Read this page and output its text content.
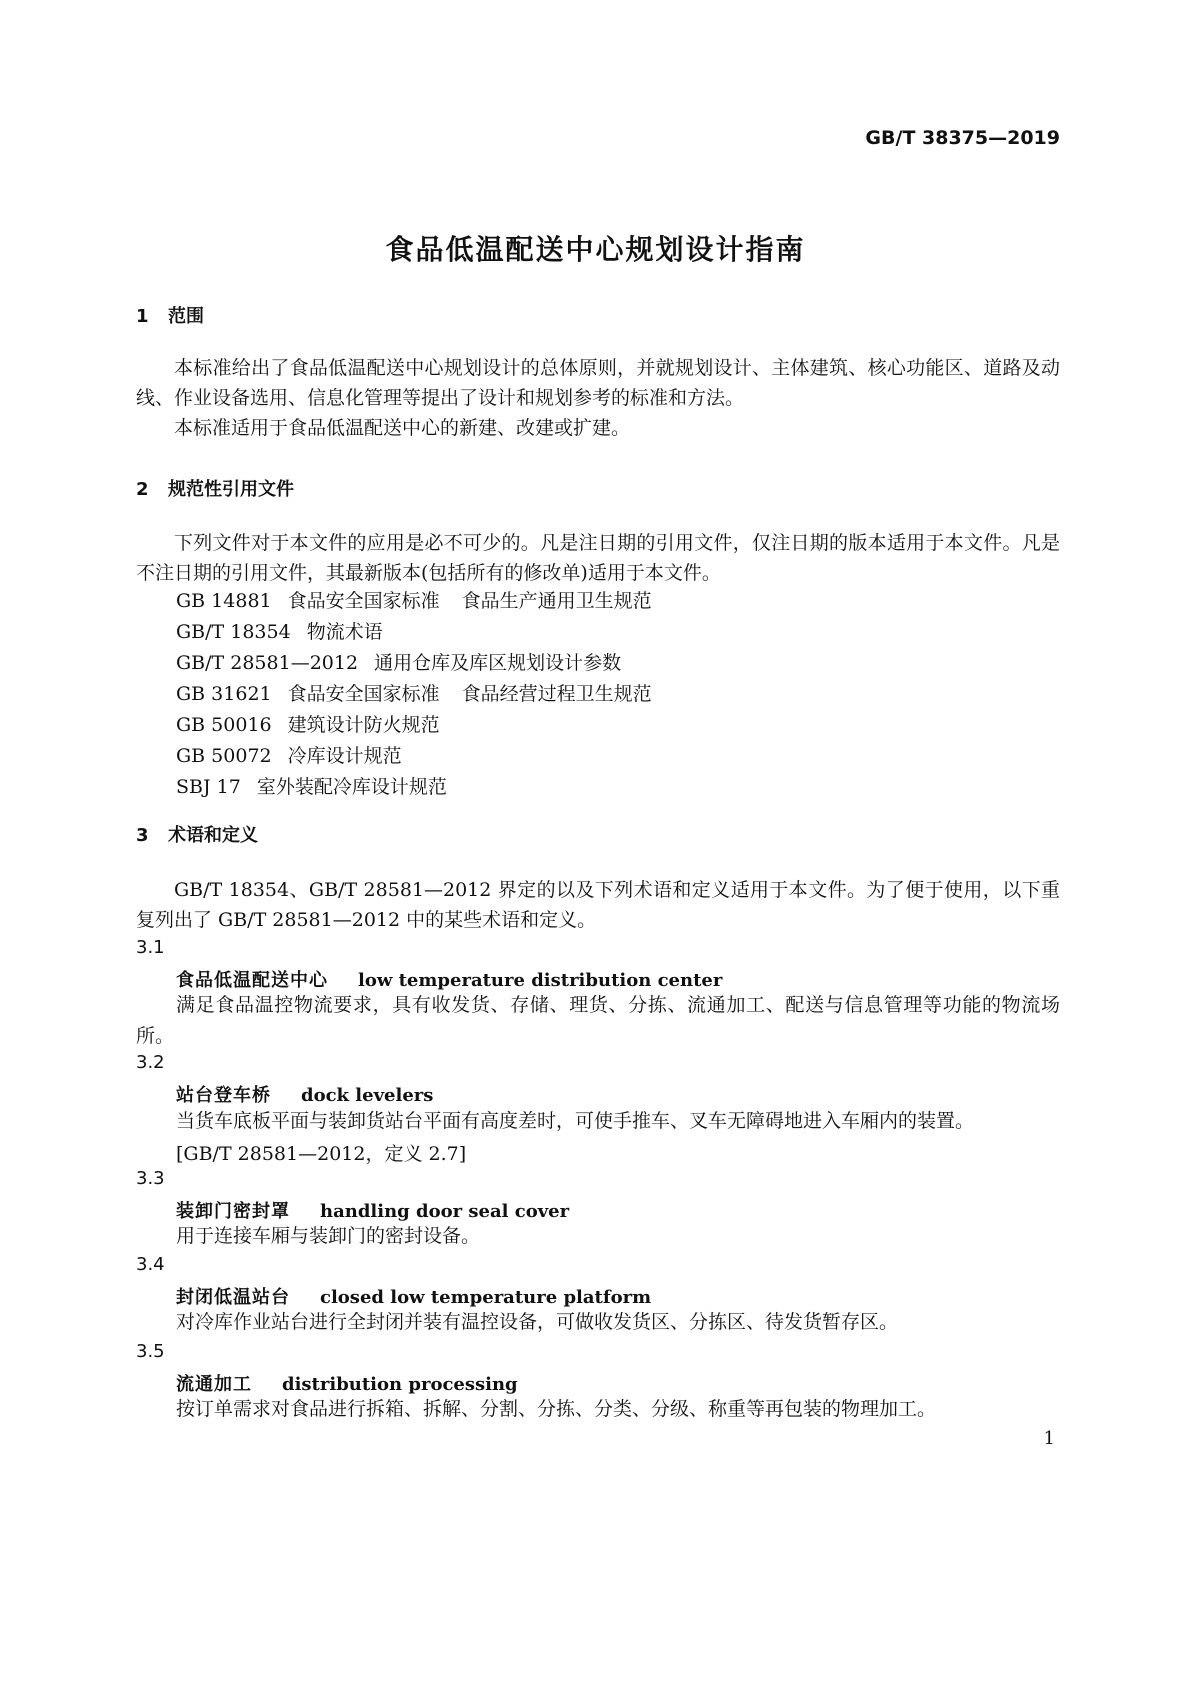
GB/T 38375—2019
食品低温配送中心规划设计指南
1 范围
本标准给出了食品低温配送中心规划设计的总体原则，并就规划设计、主体建筑、核心功能区、道路及动线、作业设备选用、信息化管理等提出了设计和规划参考的标准和方法。
本标准适用于食品低温配送中心的新建、改建或扩建。
2 规范性引用文件
下列文件对于本文件的应用是必不可少的。凡是注日期的引用文件，仅注日期的版本适用于本文件。凡是不注日期的引用文件，其最新版本(包括所有的修改单)适用于本文件。
GB 14881 食品安全国家标准 食品生产通用卫生规范
GB/T 18354 物流术语
GB/T 28581—2012 通用仓库及库区规划设计参数
GB 31621 食品安全国家标准 食品经营过程卫生规范
GB 50016 建筑设计防火规范
GB 50072 冷库设计规范
SBJ 17 室外装配冷库设计规范
3 术语和定义
GB/T 18354、GB/T 28581—2012 界定的以及下列术语和定义适用于本文件。为了便于使用，以下重复列出了 GB/T 28581—2012 中的某些术语和定义。
3.1
食品低温配送中心 low temperature distribution center
满足食品温控物流要求，具有收发货、存储、理货、分拣、流通加工、配送与信息管理等功能的物流场所。
3.2
站台登车桥 dock levelers
当货车底板平面与装卸货站台平面有高度差时，可使手推车、叉车无障碍地进入车厢内的装置。
[GB/T 28581—2012，定义 2.7]
3.3
装卸门密封罩 handling door seal cover
用于连接车厢与装卸门的密封设备。
3.4
封闭低温站台 closed low temperature platform
对冷库作业站台进行全封闭并装有温控设备，可做收发货区、分拣区、待发货暂存区。
3.5
流通加工 distribution processing
按订单需求对食品进行拆箱、拆解、分割、分拣、分类、分级、称重等再包装的物理加工。
1
